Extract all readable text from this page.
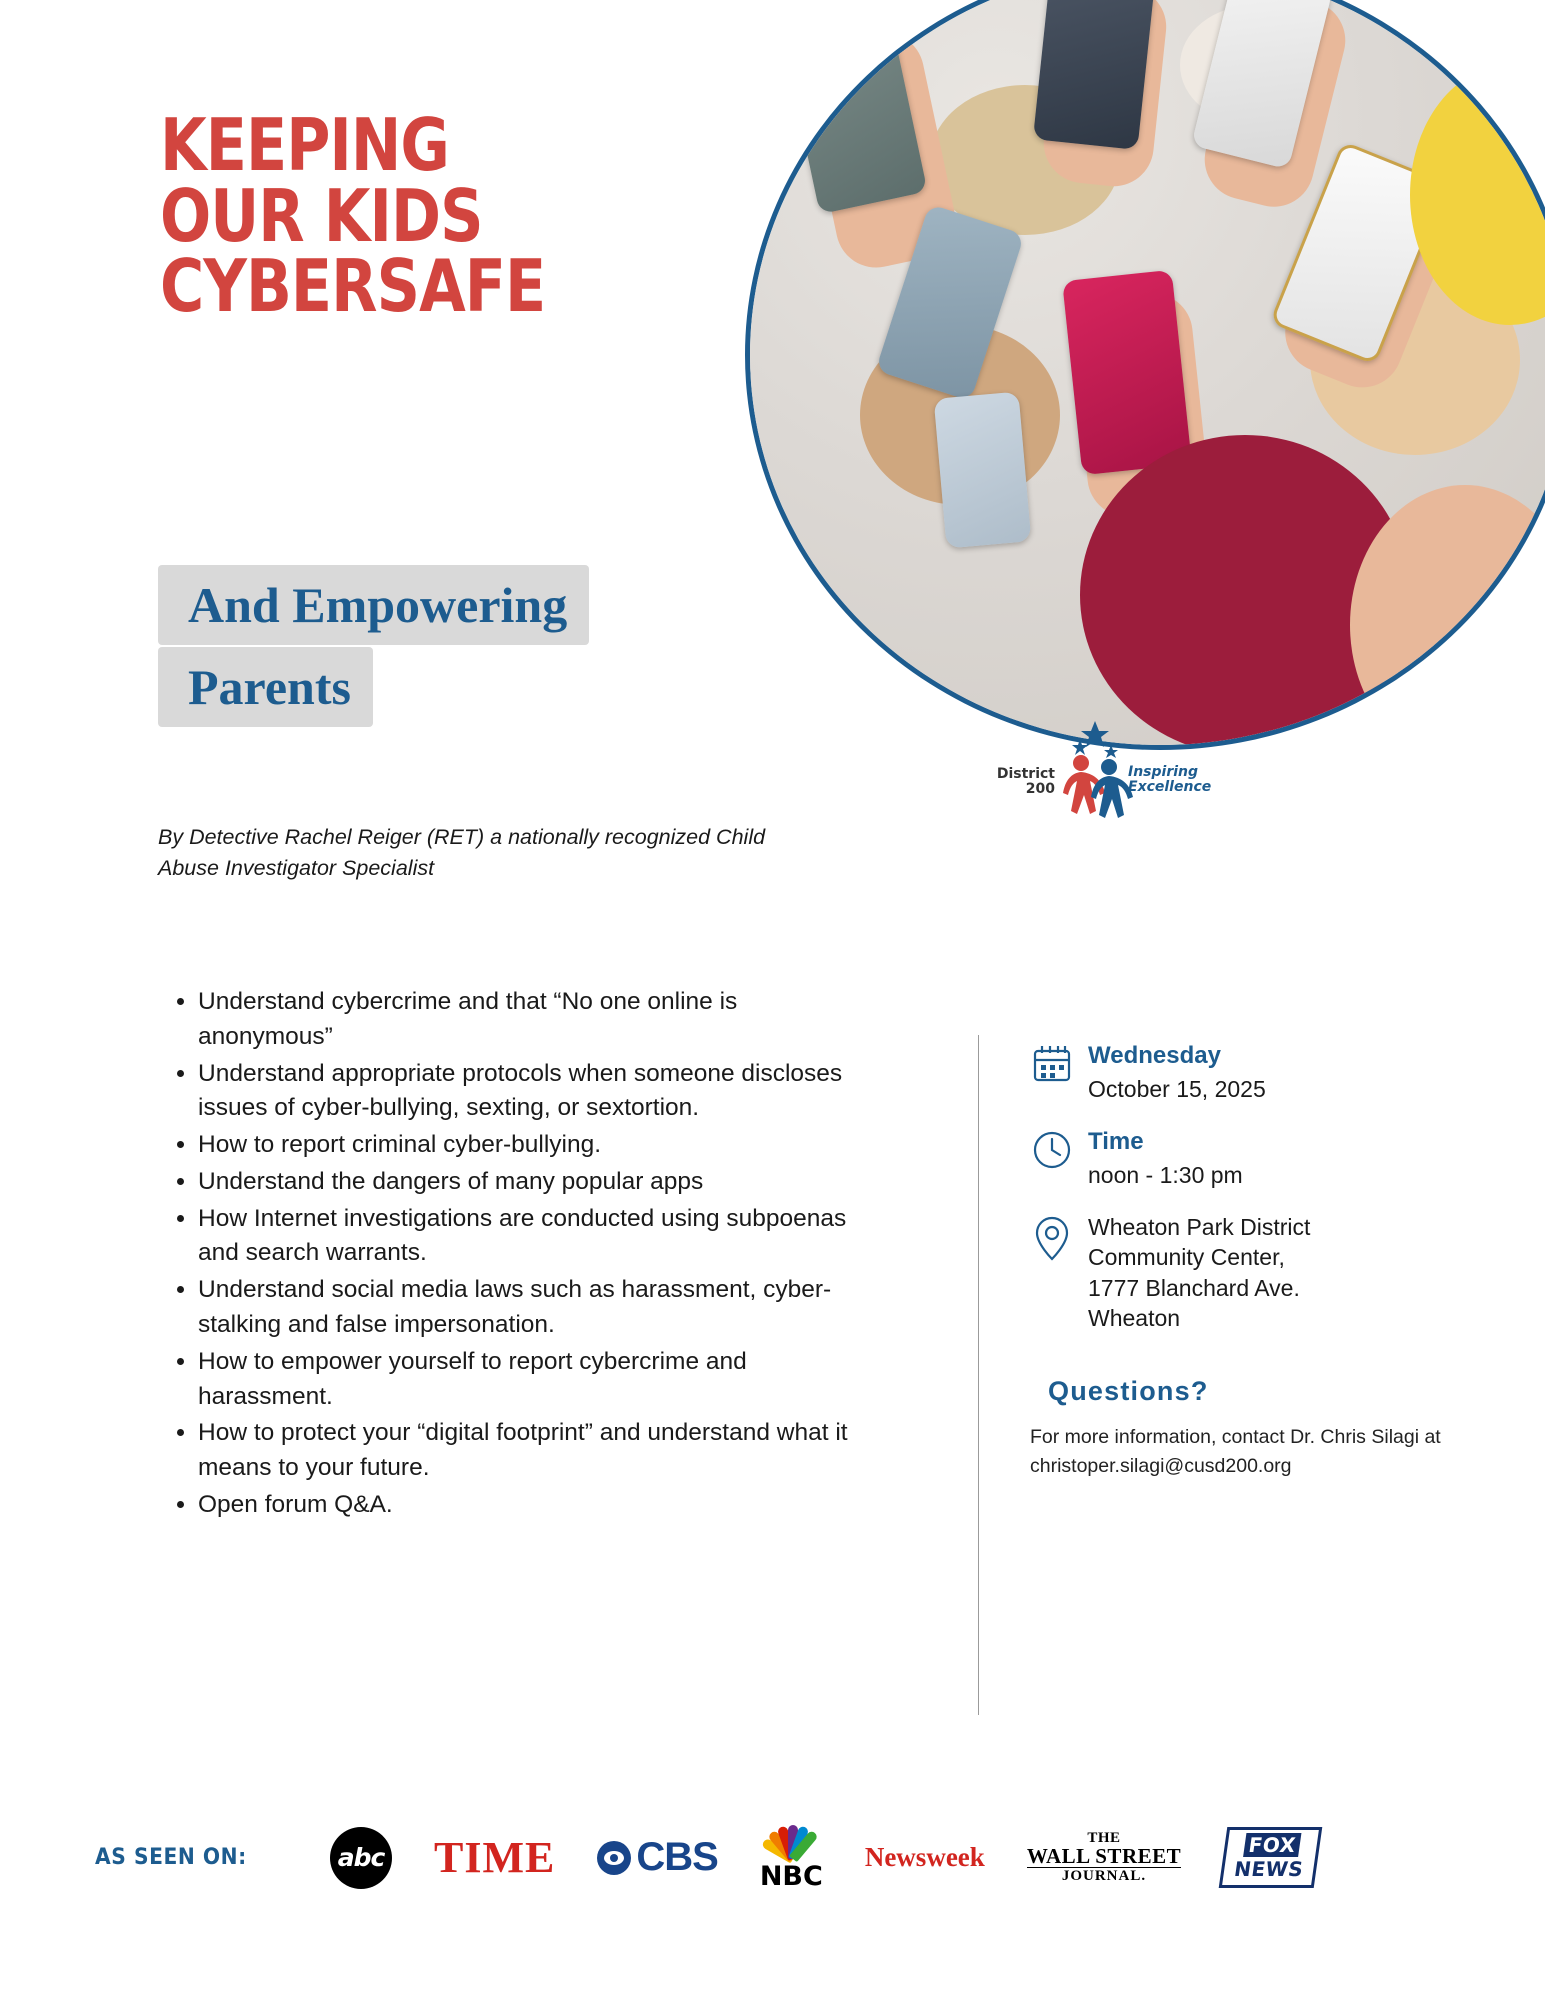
KEEPING
OUR KIDS
CYBERSAFE
And Empowering
Parents
By Detective Rachel Reiger (RET) a nationally recognized Child Abuse Investigator Specialist
District
200
Inspiring
Excellence
• Understand cybercrime and that “No one online is anonymous”
• Understand appropriate protocols when someone discloses issues of cyber-bullying, sexting, or sextortion.
• How to report criminal cyber-bullying.
• Understand the dangers of many popular apps
• How Internet investigations are conducted using subpoenas and search warrants.
• Understand social media laws such as harassment, cyber-stalking and false impersonation.
• How to empower yourself to report cybercrime and harassment.
• How to protect your “digital footprint” and understand what it means to your future.
• Open forum Q&A.
Wednesday
October 15, 2025
Time
noon - 1:30 pm
Wheaton Park District
Community Center,
1777 Blanchard Ave.
Wheaton
Questions?
For more information, contact Dr. Chris Silagi at christoper.silagi@cusd200.org
AS SEEN ON:	abc TIME CBS NBC
Newsweek
THE
WALL STREET
JOURNAL.
FOX
NEWS
